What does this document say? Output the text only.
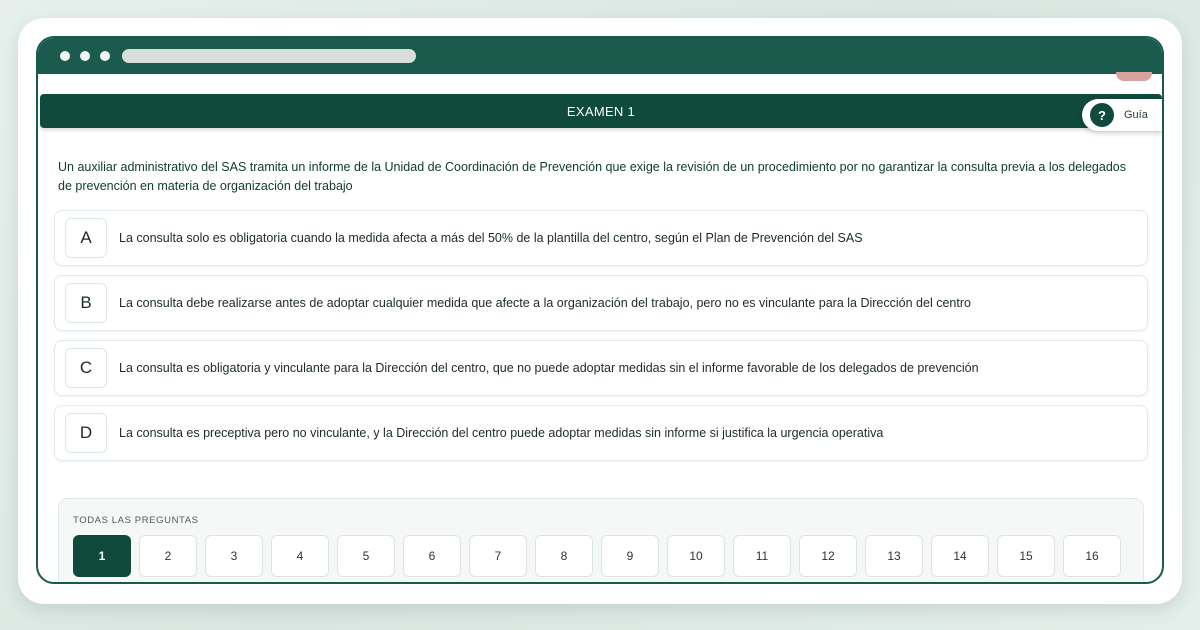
EXAMEN 1	?	Guía
Un auxiliar administrativo del SAS tramita un informe de la Unidad de Coordinación de Prevención que exige la revisión de un procedimiento por no garantizar la consulta previa a los delegados de prevención en materia de organización del trabajo
A	La consulta solo es obligatoria cuando la medida afecta a más del 50% de la plantilla del centro, según el Plan de Prevención del SAS
B	La consulta debe realizarse antes de adoptar cualquier medida que afecte a la organización del trabajo, pero no es vinculante para la Dirección del centro
C	La consulta es obligatoria y vinculante para la Dirección del centro, que no puede adoptar medidas sin el informe favorable de los delegados de prevención
D	La consulta es preceptiva pero no vinculante, y la Dirección del centro puede adoptar medidas sin informe si justifica la urgencia operativa
TODAS LAS PREGUNTAS
1	2	3	4	5	6	7	8	9	10	11	12	13	14	15	16
